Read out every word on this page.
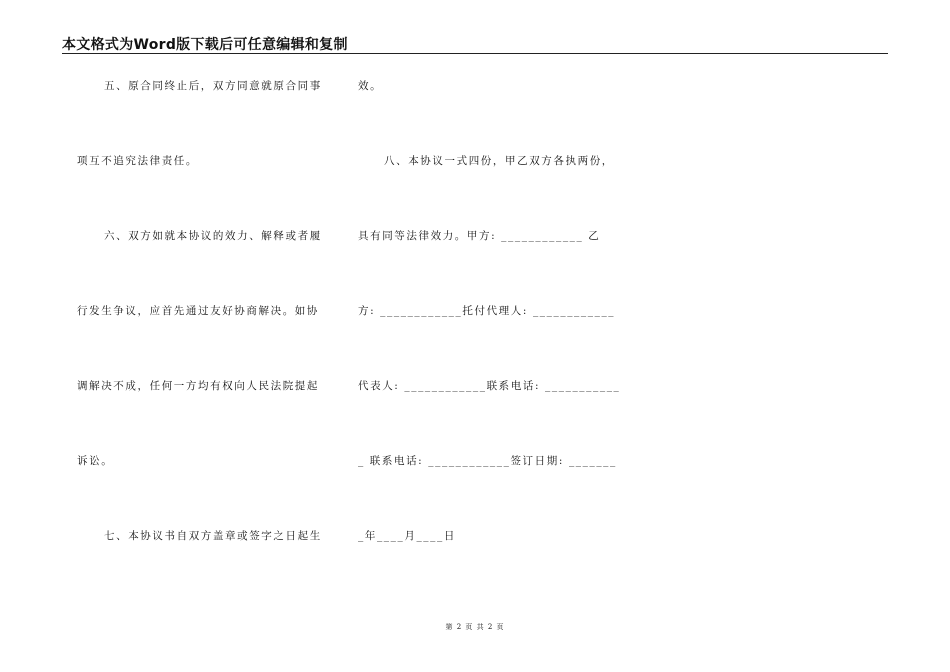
本文格式为Word版下载后可任意编辑和复制
五、原合同终止后，双方同意就原合同事
项互不追究法律责任。
六、双方如就本协议的效力、解释或者履
行发生争议，应首先通过友好协商解决。如协
调解决不成，任何一方均有权向人民法院提起
诉讼。
七、本协议书自双方盖章或签字之日起生
效。
八、本协议一式四份，甲乙双方各执两份，
具有同等法律效力。甲方: ____________ 乙
方: ____________托付代理人: ____________
代表人: ____________联系电话: ___________
_ 联系电话: ____________签订日期: _______
_年____月____日
第 2 页 共 2 页
